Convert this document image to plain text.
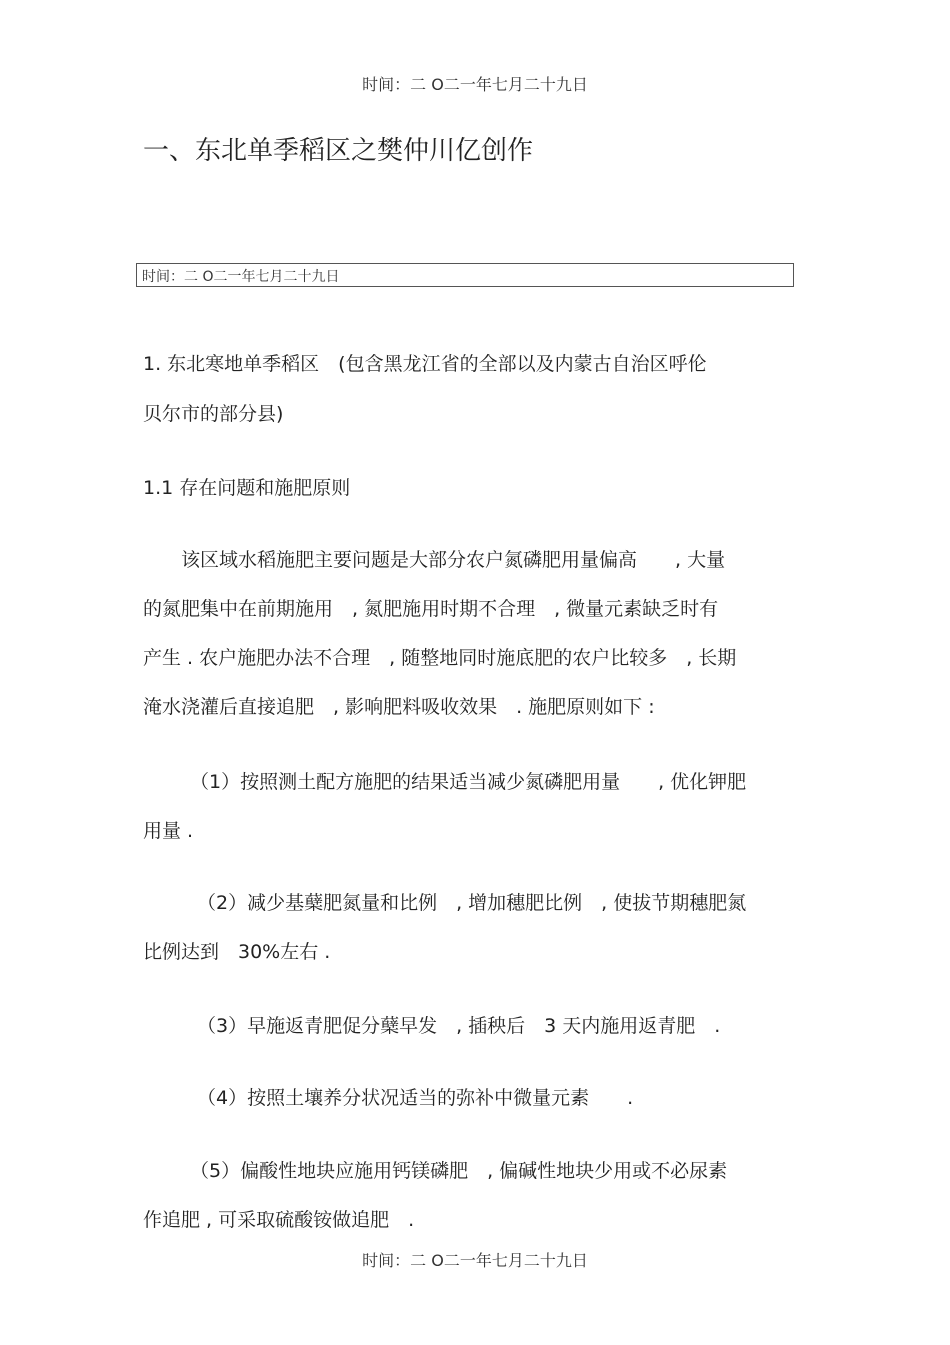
时间：二 O二一年七月二十九日
一、东北单季稻区之樊仲川亿创作
时间：二 O二一年七月二十九日
1. 东北寒地单季稻区　(包含黑龙江省的全部以及内蒙古自治区呼伦
贝尔市的部分县)
1.1 存在问题和施肥原则
　　该区域水稻施肥主要问题是大部分农户氮磷肥用量偏高　　, 大量
的氮肥集中在前期施用　, 氮肥施用时期不合理　, 微量元素缺乏时有
产生 . 农户施肥办法不合理　, 随整地同时施底肥的农户比较多　, 长期
淹水浇灌后直接追肥　, 影响肥料吸收效果　. 施肥原则如下 :
（1）按照测土配方施肥的结果适当减少氮磷肥用量　　, 优化钾肥
用量 .
（2）减少基蘖肥氮量和比例　, 增加穗肥比例　, 使拔节期穗肥氮
比例达到　30%左右 .
（3）早施返青肥促分蘖早发　, 插秧后　3 天内施用返青肥　.
（4）按照土壤养分状况适当的弥补中微量元素　　.
（5）偏酸性地块应施用钙镁磷肥　, 偏碱性地块少用或不必尿素
作追肥 , 可采取硫酸铵做追肥　.
时间：二 O二一年七月二十九日
